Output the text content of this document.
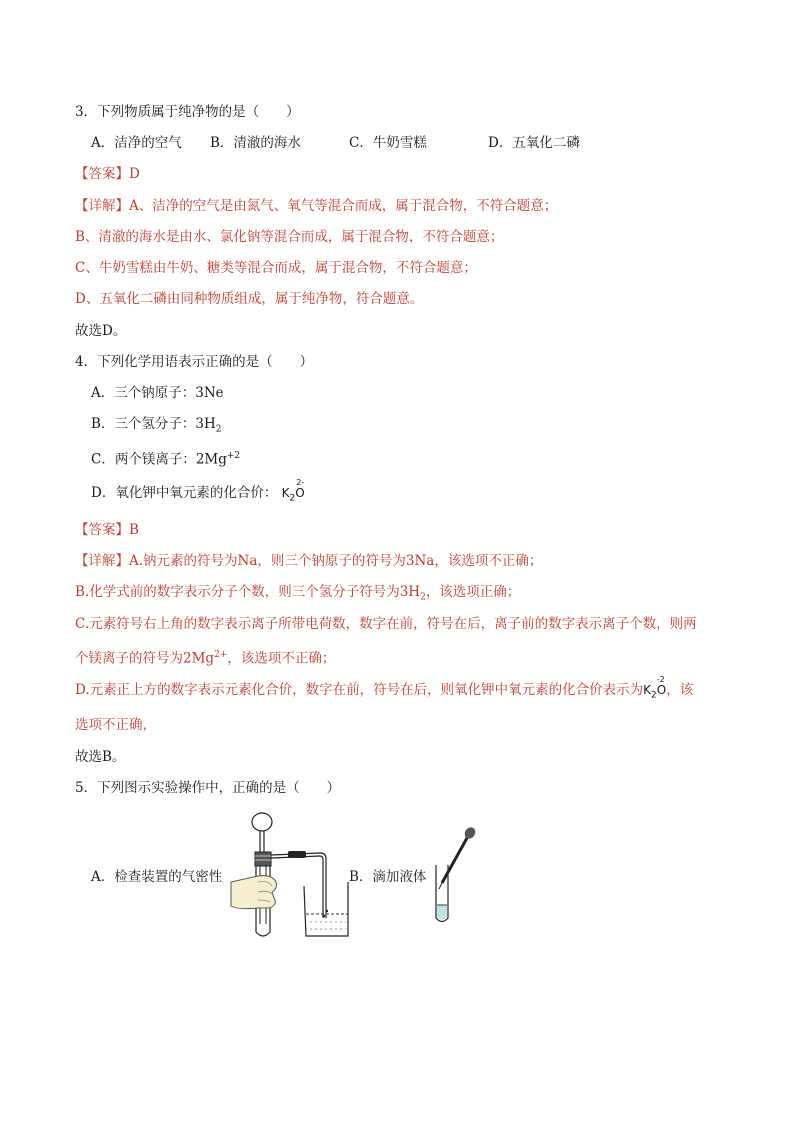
3．下列物质属于纯净物的是（　　）
A．洁净的空气 B．清澈的海水	C．牛奶雪糕	D．五氧化二磷
【答案】D
【详解】A、洁净的空气是由氮气、氧气等混合而成，属于混合物，不符合题意；
B、清澈的海水是由水、氯化钠等混合而成，属于混合物，不符合题意；
C、牛奶雪糕由牛奶、糖类等混合而成，属于混合物，不符合题意；
D、五氧化二磷由同种物质组成，属于纯净物，符合题意。
故选D。
4．下列化学用语表示正确的是（　　）
A．三个钠原子：3Ne
B．三个氢分子：$3H_2$
C．两个镁离子：$2Mg^{+2}$
D．氧化钾中氧元素的化合价： $K_2$
2-
O
【答案】B
【详解】A.钠元素的符号为Na，则三个钠原子的符号为3Na，该选项不正确；
B.化学式前的数字表示分子个数，则三个氢分子符号为$3H_2$，该选项正确；
C.元素符号右上角的数字表示离子所带电荷数，数字在前，符号在后，离子前的数字表示离子个数，则两
个镁离子的符号为$2Mg^{2+}$，该选项不正确；
D.元素正上方的数字表示元素化合价，数字在前，符号在后，则氧化钾中氧元素的化合价表示为$K_2$
-2
O，该
选项不正确，
故选B。
5．下列图示实验操作中，正确的是（　　）
A．检查装置的气密性	B．滴加液体
